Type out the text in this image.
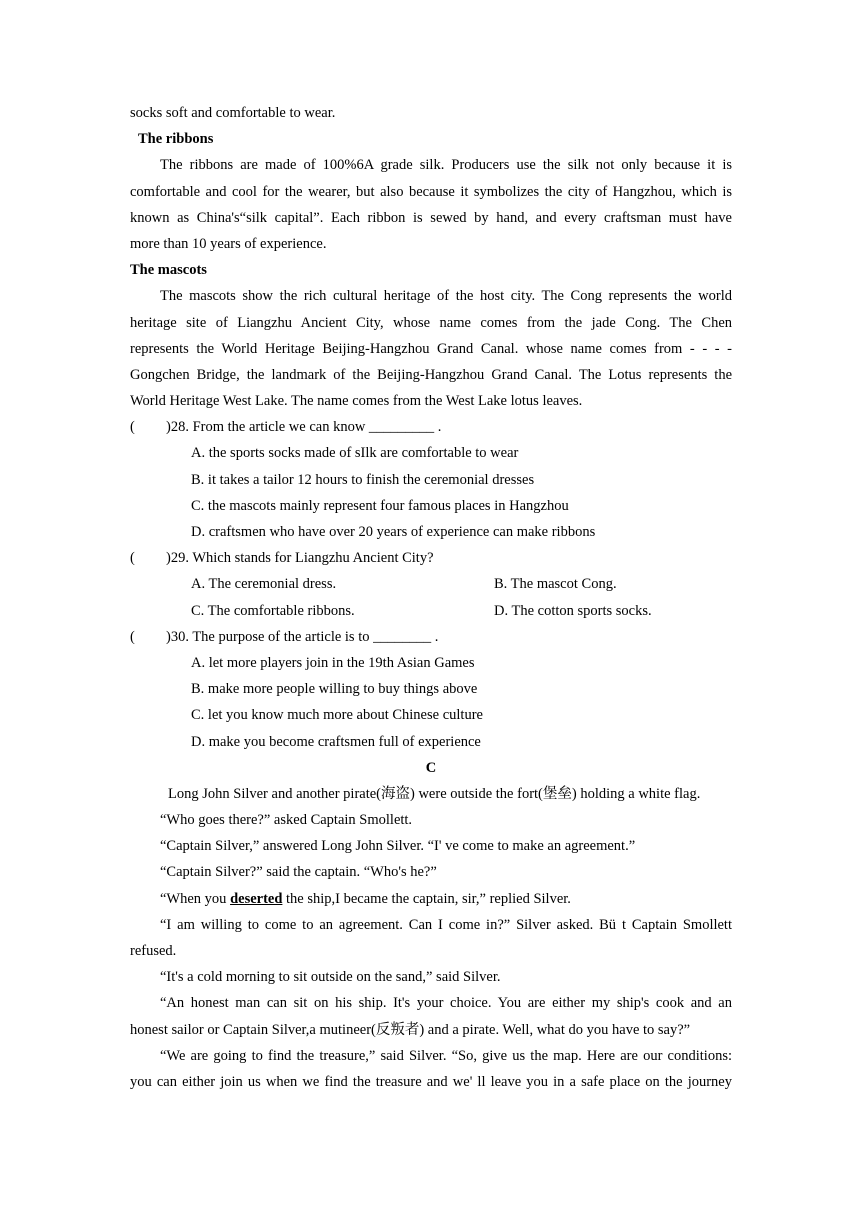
socks soft and comfortable to wear.
The ribbons
The ribbons are made of 100%6A grade silk. Producers use the silk not only because it is
comfortable and cool for the wearer, but also because it symbolizes the city of Hangzhou, which is
known as China's“silk capital”. Each ribbon is sewed by hand, and every craftsman must have
more than 10 years of experience.
The mascots
The mascots show the rich cultural heritage of the host city. The Cong represents the world
heritage site of Liangzhu Ancient City, whose name comes from the jade Cong. The Chen
represents the World Heritage Beijing-Hangzhou Grand Canal. whose name comes from - - - -
Gongchen Bridge, the landmark of the Beijing-Hangzhou Grand Canal. The Lotus represents the
World Heritage West Lake. The name comes from the West Lake lotus leaves.
( )28. From the article we can know _________ .
A. the sports socks made of sIlk are comfortable to wear
B. it takes a tailor 12 hours to finish the ceremonial dresses
C. the mascots mainly represent four famous places in Hangzhou
D. craftsmen who have over 20 years of experience can make ribbons
( )29. Which stands for Liangzhu Ancient City?
A. The ceremonial dress.	B. The mascot Cong.
C. The comfortable ribbons.	D. The cotton sports socks.
( )30. The purpose of the article is to ________ .
A. let more players join in the 19th Asian Games
B. make more people willing to buy things above
C. let you know much more about Chinese culture
D. make you become craftsmen full of experience
C
Long John Silver and another pirate(海盗) were outside the fort(堡垒) holding a white flag.
“Who goes there?” asked Captain Smollett.
“Captain Silver,” answered Long John Silver. “I' ve come to make an agreement.”
“Captain Silver?” said the captain. “Who's he?”
“When you deserted the ship,I became the captain, sir,” replied Silver.
“I am willing to come to an agreement. Can I come in?” Silver asked. Bü t Captain Smollett
refused.
“It's a cold morning to sit outside on the sand,” said Silver.
“An honest man can sit on his ship. It's your choice. You are either my ship's cook and an
honest sailor or Captain Silver,a mutineer(反叛者) and a pirate. Well, what do you have to say?”
“We are going to find the treasure,” said Silver. “So, give us the map. Here are our conditions:
you can either join us when we find the treasure and we' ll leave you in a safe place on the journey
